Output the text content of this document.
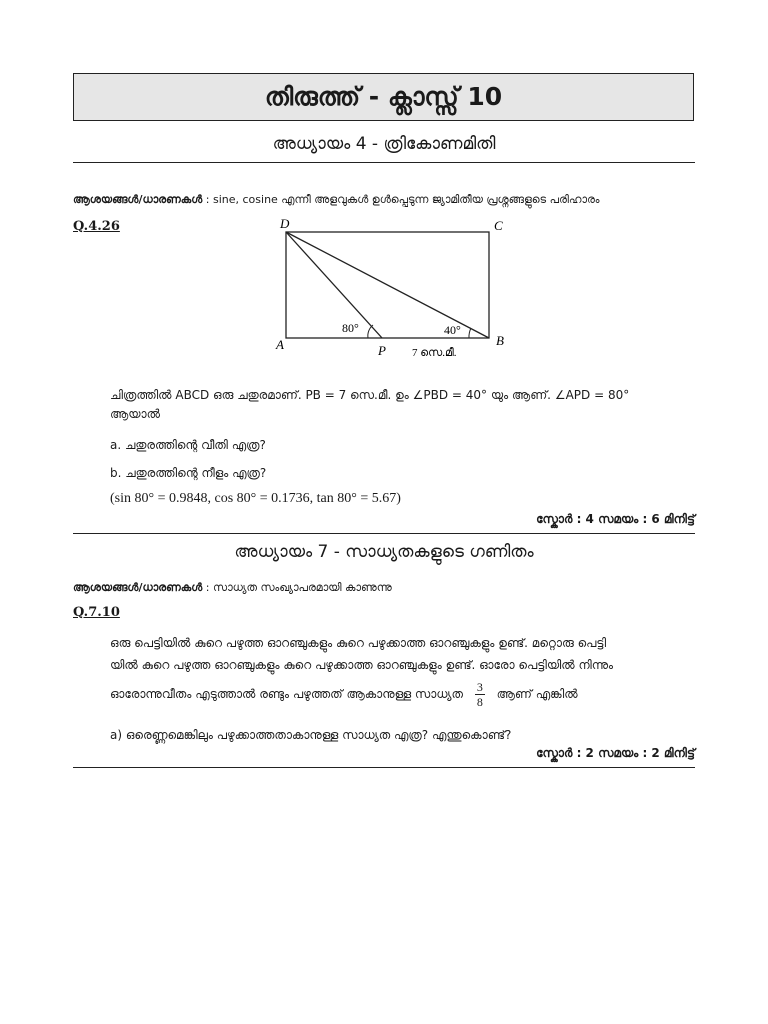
തിരുത്ത് - ക്ലാസ്സ് 10
അധ്യായം 4 - ത്രികോണമിതി
ആശയങ്ങൾ/ധാരണകൾ : sine, cosine എന്നീ അളവുകൾ ഉൾപ്പെടുന്ന ജ്യാമിതീയ പ്രശ്നങ്ങളുടെ പരിഹാരം
Q.4.26	D	C
A	B
P
80°	40°
7 സെ.മീ.
ചിത്രത്തിൽ ABCD ഒരു ചതുരമാണ്. PB = 7 സെ.മീ. ഉം ∠PBD = 40° യും ആണ്. ∠APD = 80°
ആയാൽ
a. ചതുരത്തിന്റെ വീതി എത്ര?
b. ചതുരത്തിന്റെ നീളം എത്ര?
(sin 80° = 0.9848, cos 80° = 0.1736, tan 80° = 5.67)
സ്കോർ : 4 സമയം : 6 മിനിട്ട്
അധ്യായം 7 - സാധ്യതകളുടെ ഗണിതം
ആശയങ്ങൾ/ധാരണകൾ : സാധ്യത സംഖ്യാപരമായി കാണുന്നു
Q.7.10
ഒരു പെട്ടിയിൽ കുറെ പഴുത്ത ഓറഞ്ചുകളും കുറെ പഴുക്കാത്ത ഓറഞ്ചുകളും ഉണ്ട്. മറ്റൊരു പെട്ടി
യിൽ കുറെ പഴുത്ത ഓറഞ്ചുകളും കുറെ പഴുക്കാത്ത ഓറഞ്ചുകളും ഉണ്ട്. ഓരോ പെട്ടിയിൽ നിന്നും
ഓരോന്നുവീതം എടുത്താൽ രണ്ടും പഴുത്തത് ആകാനുള്ള സാധ്യത $\frac{3}{8}$ ആണ് എങ്കിൽ
a) ഒരെണ്ണമെങ്കിലും പഴുക്കാത്തതാകാനുള്ള സാധ്യത എത്ര? എന്തുകൊണ്ട്?
സ്കോർ : 2 സമയം : 2 മിനിട്ട്
